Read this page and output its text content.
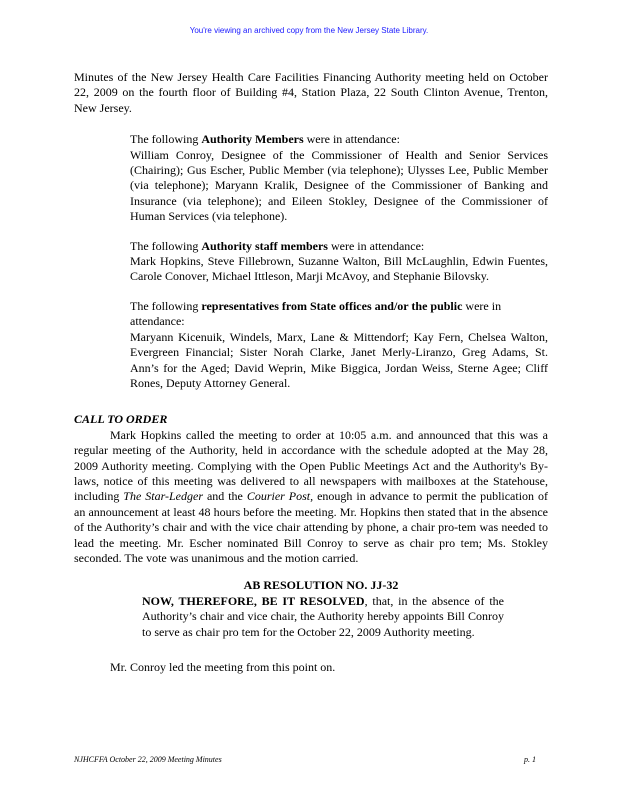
You're viewing an archived copy from the New Jersey State Library.

Minutes of the New Jersey Health Care Facilities Financing Authority meeting held on October 22, 2009 on the fourth floor of Building #4, Station Plaza, 22 South Clinton Avenue, Trenton, New Jersey.

The following Authority Members were in attendance:

William Conroy, Designee of the Commissioner of Health and Senior Services (Chairing); Gus Escher, Public Member (via telephone); Ulysses Lee, Public Member (via telephone); Maryann Kralik, Designee of the Commissioner of Banking and Insurance (via telephone); and Eileen Stokley, Designee of the Commissioner of Human Services (via telephone).

The following Authority staff members were in attendance:

Mark Hopkins, Steve Fillebrown, Suzanne Walton, Bill McLaughlin, Edwin Fuentes, Carole Conover, Michael Ittleson, Marji McAvoy, and Stephanie Bilovsky.

The following representatives from State offices and/or the public were in attendance:

Maryann Kicenuik, Windels, Marx, Lane & Mittendorf; Kay Fern, Chelsea Walton, Evergreen Financial; Sister Norah Clarke, Janet Merly-Liranzo, Greg Adams, St. Ann’s for the Aged; David Weprin, Mike Biggica, Jordan Weiss, Sterne Agee; Cliff Rones, Deputy Attorney General.

CALL TO ORDER

Mark Hopkins called the meeting to order at 10:05 a.m. and announced that this was a regular meeting of the Authority, held in accordance with the schedule adopted at the May 28, 2009 Authority meeting. Complying with the Open Public Meetings Act and the Authority's By-laws, notice of this meeting was delivered to all newspapers with mailboxes at the Statehouse, including The Star-Ledger and the Courier Post, enough in advance to permit the publication of an announcement at least 48 hours before the meeting. Mr. Hopkins then stated that in the absence of the Authority’s chair and with the vice chair attending by phone, a chair pro-tem was needed to lead the meeting. Mr. Escher nominated Bill Conroy to serve as chair pro tem; Ms. Stokley seconded. The vote was unanimous and the motion carried.

AB RESOLUTION NO. JJ-32

NOW, THEREFORE, BE IT RESOLVED, that, in the absence of the Authority’s chair and vice chair, the Authority hereby appoints Bill Conroy to serve as chair pro tem for the October 22, 2009 Authority meeting.

Mr. Conroy led the meeting from this point on.

NJHCFFA October 22, 2009 Meeting Minutes	p. 1
